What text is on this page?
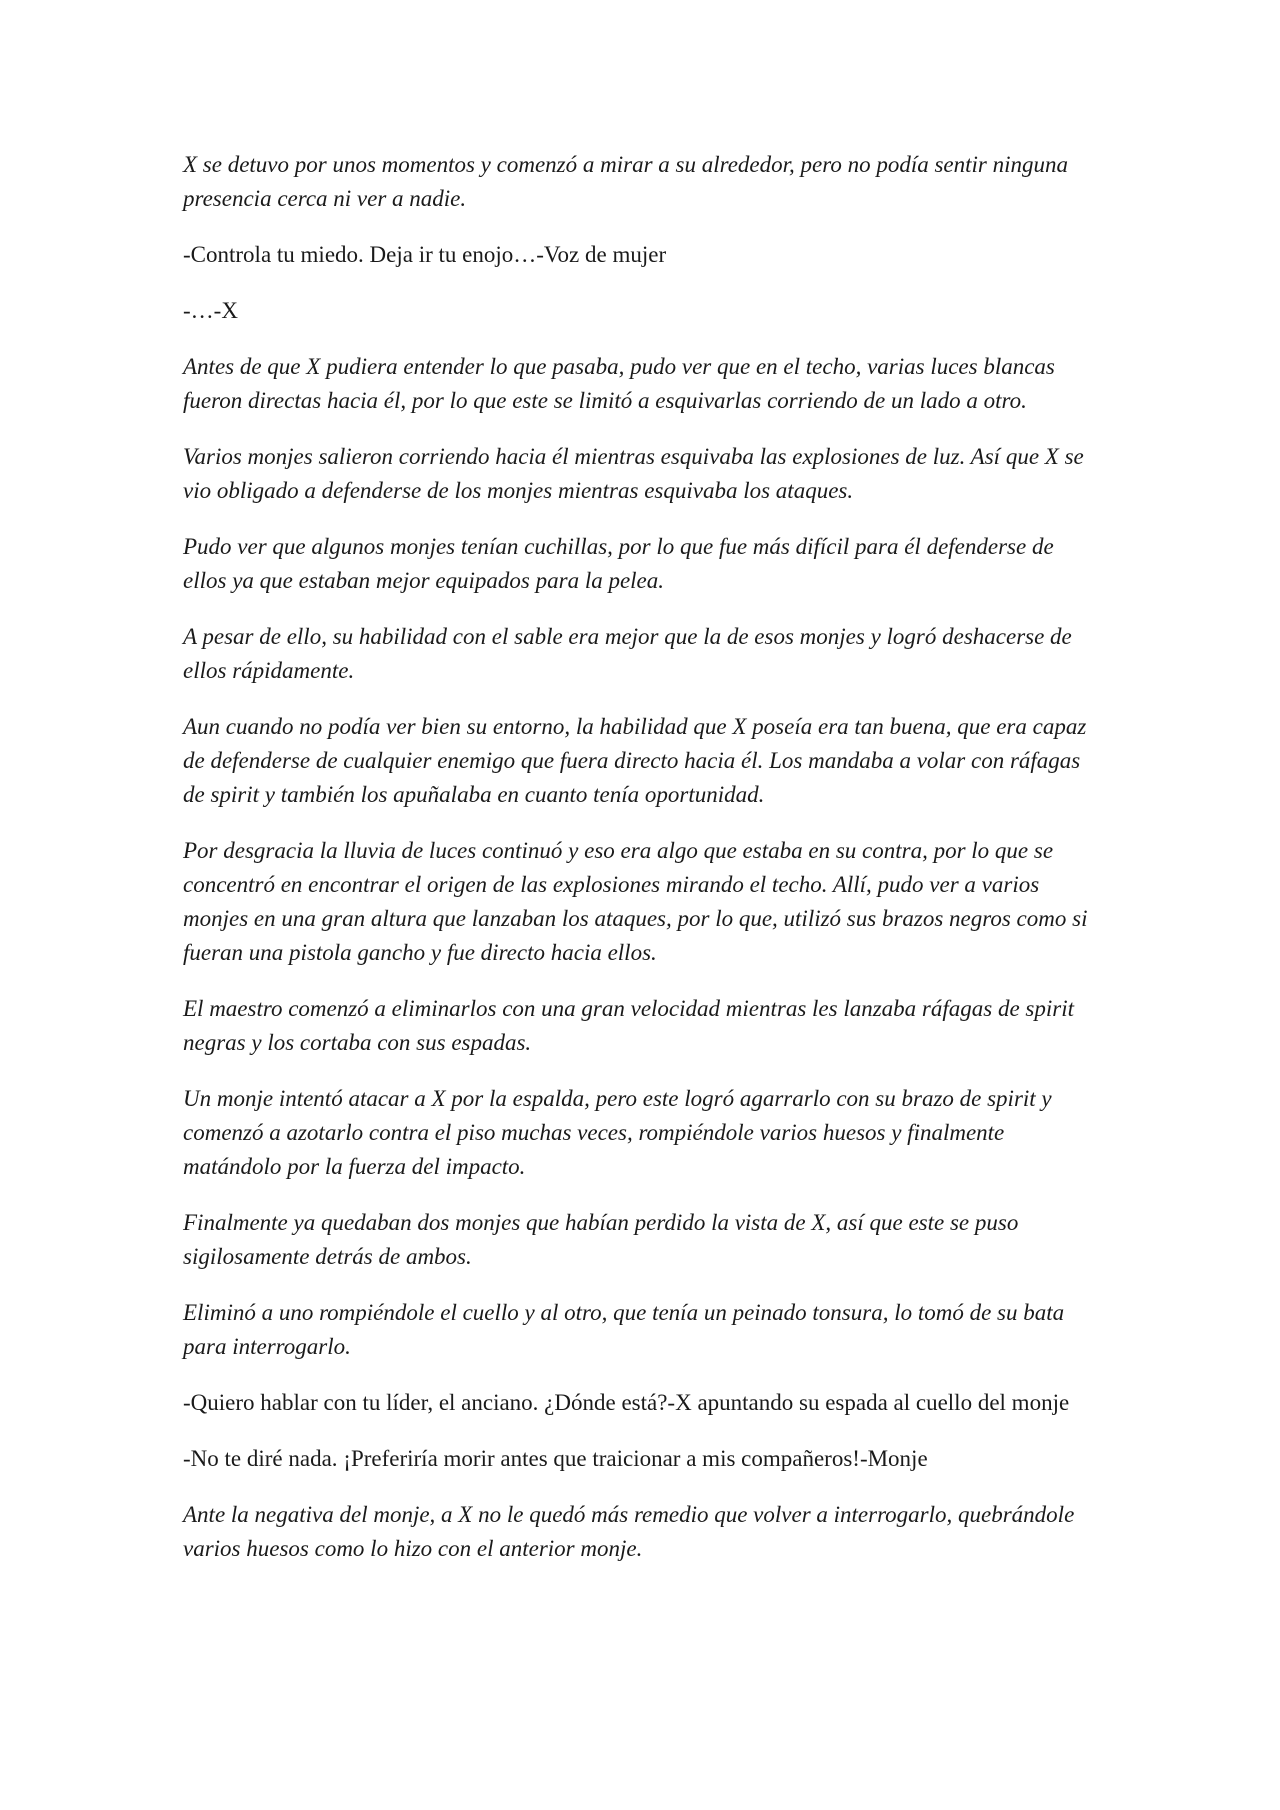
X se detuvo por unos momentos y comenzó a mirar a su alrededor, pero no podía sentir ninguna presencia cerca ni ver a nadie.

-Controla tu miedo. Deja ir tu enojo…-Voz de mujer

-…-X

Antes de que X pudiera entender lo que pasaba, pudo ver que en el techo, varias luces blancas fueron directas hacia él, por lo que este se limitó a esquivarlas corriendo de un lado a otro.

Varios monjes salieron corriendo hacia él mientras esquivaba las explosiones de luz. Así que X se vio obligado a defenderse de los monjes mientras esquivaba los ataques.

Pudo ver que algunos monjes tenían cuchillas, por lo que fue más difícil para él defenderse de ellos ya que estaban mejor equipados para la pelea.

A pesar de ello, su habilidad con el sable era mejor que la de esos monjes y logró deshacerse de ellos rápidamente.

Aun cuando no podía ver bien su entorno, la habilidad que X poseía era tan buena, que era capaz de defenderse de cualquier enemigo que fuera directo hacia él. Los mandaba a volar con ráfagas de spirit y también los apuñalaba en cuanto tenía oportunidad.

Por desgracia la lluvia de luces continuó y eso era algo que estaba en su contra, por lo que se concentró en encontrar el origen de las explosiones mirando el techo. Allí, pudo ver a varios monjes en una gran altura que lanzaban los ataques, por lo que, utilizó sus brazos negros como si fueran una pistola gancho y fue directo hacia ellos.

El maestro comenzó a eliminarlos con una gran velocidad mientras les lanzaba ráfagas de spirit negras y los cortaba con sus espadas.

Un monje intentó atacar a X por la espalda, pero este logró agarrarlo con su brazo de spirit y comenzó a azotarlo contra el piso muchas veces, rompiéndole varios huesos y finalmente matándolo por la fuerza del impacto.

Finalmente ya quedaban dos monjes que habían perdido la vista de X, así que este se puso sigilosamente detrás de ambos.

Eliminó a uno rompiéndole el cuello y al otro, que tenía un peinado tonsura, lo tomó de su bata para interrogarlo.

-Quiero hablar con tu líder, el anciano. ¿Dónde está?-X apuntando su espada al cuello del monje

-No te diré nada. ¡Preferiría morir antes que traicionar a mis compañeros!-Monje

Ante la negativa del monje, a X no le quedó más remedio que volver a interrogarlo, quebrándole varios huesos como lo hizo con el anterior monje.
